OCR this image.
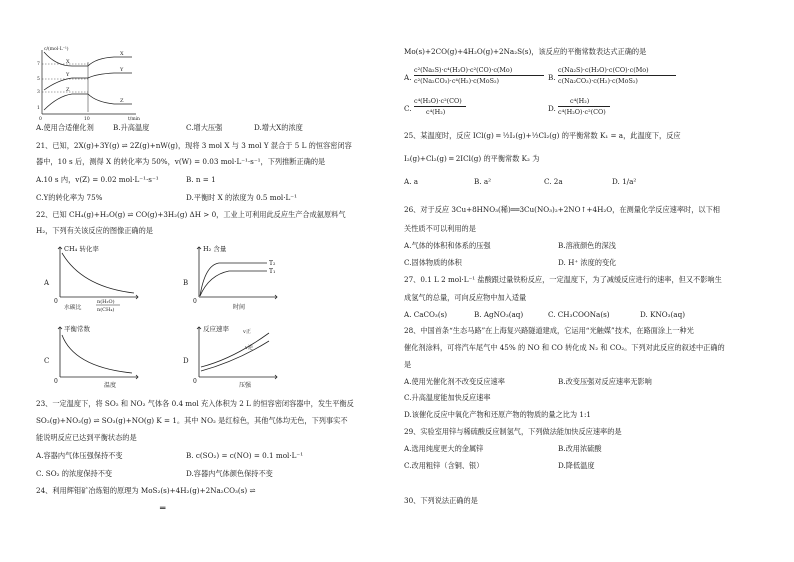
c/(mol·L⁻¹)
t/min
7
5
3
1
0	10
X
Y
Z
X
Y
Z
A.使用合适催化剂	B.升高温度	C.增大压强	D.增大X的浓度
21、已知，2X(g)+3Y(g) ⇌ 2Z(g)+nW(g)，现将 3 mol X 与 3 mol Y 混合于 5 L 的恒容密闭容
器中，10 s 后，测得 X 的转化率为 50%，v(W) = 0.03 mol·L⁻¹·s⁻¹，下列推断正确的是
A.10 s 内，v(Z) = 0.02 mol·L⁻¹·s⁻¹	B. n = 1
C.Y的转化率为 75%	D.平衡时 X 的浓度为 0.5 mol·L⁻¹
22、已知 CH₄(g)+H₂O(g) ⇌ CO(g)+3H₂(g) ΔH > 0，工业上可利用此反应生产合成氨原料气
H₂，下列有关该反应的图像正确的是
A
CH₄ 转化率
0
水碳比
n(H₂O)
n(CH₄)
B
H₂ 含量
0
时间
T₂
T₁
C
平衡常数
0
温度
D
反应速率
0
压强
v正
v逆
23、一定温度下，将 SO₂ 和 NO₂ 气体各 0.4 mol 充入体积为 2 L 的恒容密闭容器中，发生平衡反
SO₂(g)+NO₂(g) ⇌ SO₃(g)+NO(g) K = 1。其中 NO₂ 是红棕色，其他气体均无色，下列事实不
能说明反应已达到平衡状态的是
A.容器内气体压强保持不变	B. c(SO₂) = c(NO) = 0.1 mol·L⁻¹
C. SO₂ 的浓度保持不变	D.容器内气体颜色保持不变
24、利用辉钼矿冶炼钼的原理为 MoS₂(s)+4H₂(g)+2Na₂CO₃(s) ⇌
═
Mo(s)+2CO(g)+4H₂O(g)+2Na₂S(s)，该反应的平衡常数表达式正确的是
A.
c²(Na₂S)·c⁴(H₂O)·c²(CO)·c(Mo)
c²(Na₂CO₃)·c⁴(H₂)·c(MoS₂)	B.
c(Na₂S)·c(H₂O)·c(CO)·c(Mo)
c(Na₂CO₃)·c(H₂)·c(MoS₂)
C.
c⁴(H₂O)·c²(CO)
c⁴(H₂)	D.
c⁴(H₂)
c⁴(H₂O)·c²(CO)
25、某温度时，反应 ICl(g) ═ ½I₂(g)+½Cl₂(g) 的平衡常数 K₁ = a，此温度下，反应
I₂(g)+Cl₂(g) ═ 2ICl(g) 的平衡常数 K₂ 为
A. a	B. a²	C. 2a	D. 1/a²
26、对于反应 3Cu+8HNO₃(稀)══3Cu(NO₃)₂+2NO↑+4H₂O，在测量化学反应速率时，以下相
关性质不可以利用的是
A.气体的体积和体系的压强	B.溶液颜色的深浅
C.固体物质的体积	D. H⁺ 浓度的变化
27、0.1 L 2 mol·L⁻¹ 盐酸跟过量铁粉反应，一定温度下，为了减缓反应进行的速率，但又不影响生
成氢气的总量，可向反应物中加入适量
A. CaCO₃(s)	B. AgNO₃(aq)	C. CH₃COONa(s)	D. KNO₃(aq)
28、中国首条“生态马路”在上海复兴路隧道建成，它运用“光触媒”技术，在路面涂上一种光
催化剂涂料，可将汽车尾气中 45% 的 NO 和 CO 转化成 N₂ 和 CO₂。下列对此反应的叙述中正确的
是
A.使用光催化剂不改变反应速率	B.改变压强对反应速率无影响
C.升高温度能加快反应速率
D.该催化反应中氧化产物和还原产物的物质的量之比为 1:1
29、实验室用锌与稀硫酸反应制氢气，下列做法能加快反应速率的是
A.选用纯度更大的金属锌	B.改用浓硫酸
C.改用粗锌（含铜、银）	D.降低温度
30、下列说法正确的是
